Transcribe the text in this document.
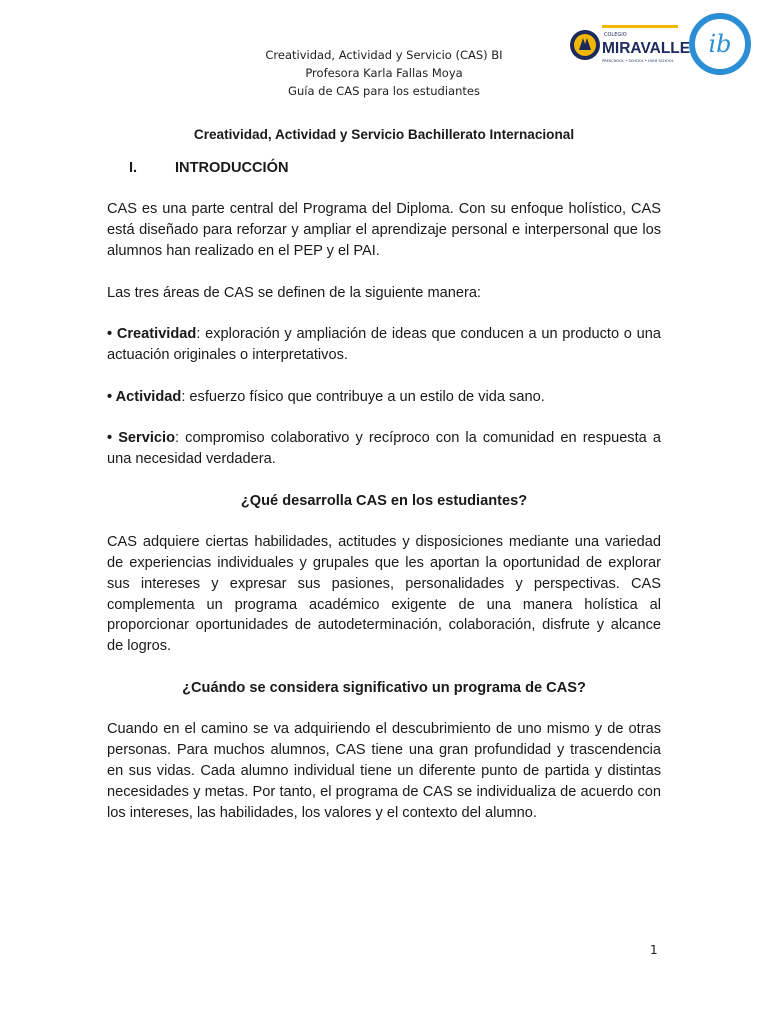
Creatividad, Actividad y Servicio (CAS) BI
Profesora Karla Fallas Moya
Guía de CAS para los estudiantes
COLEGIO
MIRAVALLE
PRESCHOOL • SCHOOL • HIGH SCHOOL
ib
Creatividad, Actividad y Servicio Bachillerato Internacional
I.	INTRODUCCIÓN

CAS es una parte central del Programa del Diploma. Con su enfoque holístico, CAS está diseñado para reforzar y ampliar el aprendizaje personal e interpersonal que los alumnos han realizado en el PEP y el PAI.

Las tres áreas de CAS se definen de la siguiente manera:

• Creatividad: exploración y ampliación de ideas que conducen a un producto o una actuación originales o interpretativos.

• Actividad: esfuerzo físico que contribuye a un estilo de vida sano.

• Servicio: compromiso colaborativo y recíproco con la comunidad en respuesta a una necesidad verdadera.

¿Qué desarrolla CAS en los estudiantes?

CAS adquiere ciertas habilidades, actitudes y disposiciones mediante una variedad de experiencias individuales y grupales que les aportan la oportunidad de explorar sus intereses y expresar sus pasiones, personalidades y perspectivas. CAS complementa un programa académico exigente de una manera holística al proporcionar oportunidades de autodeterminación, colaboración, disfrute y alcance de logros.

¿Cuándo se considera significativo un programa de CAS?

Cuando en el camino se va adquiriendo el descubrimiento de uno mismo y de otras personas. Para muchos alumnos, CAS tiene una gran profundidad y trascendencia en sus vidas. Cada alumno individual tiene un diferente punto de partida y distintas necesidades y metas. Por tanto, el programa de CAS se individualiza de acuerdo con los intereses, las habilidades, los valores y el contexto del alumno.

1
